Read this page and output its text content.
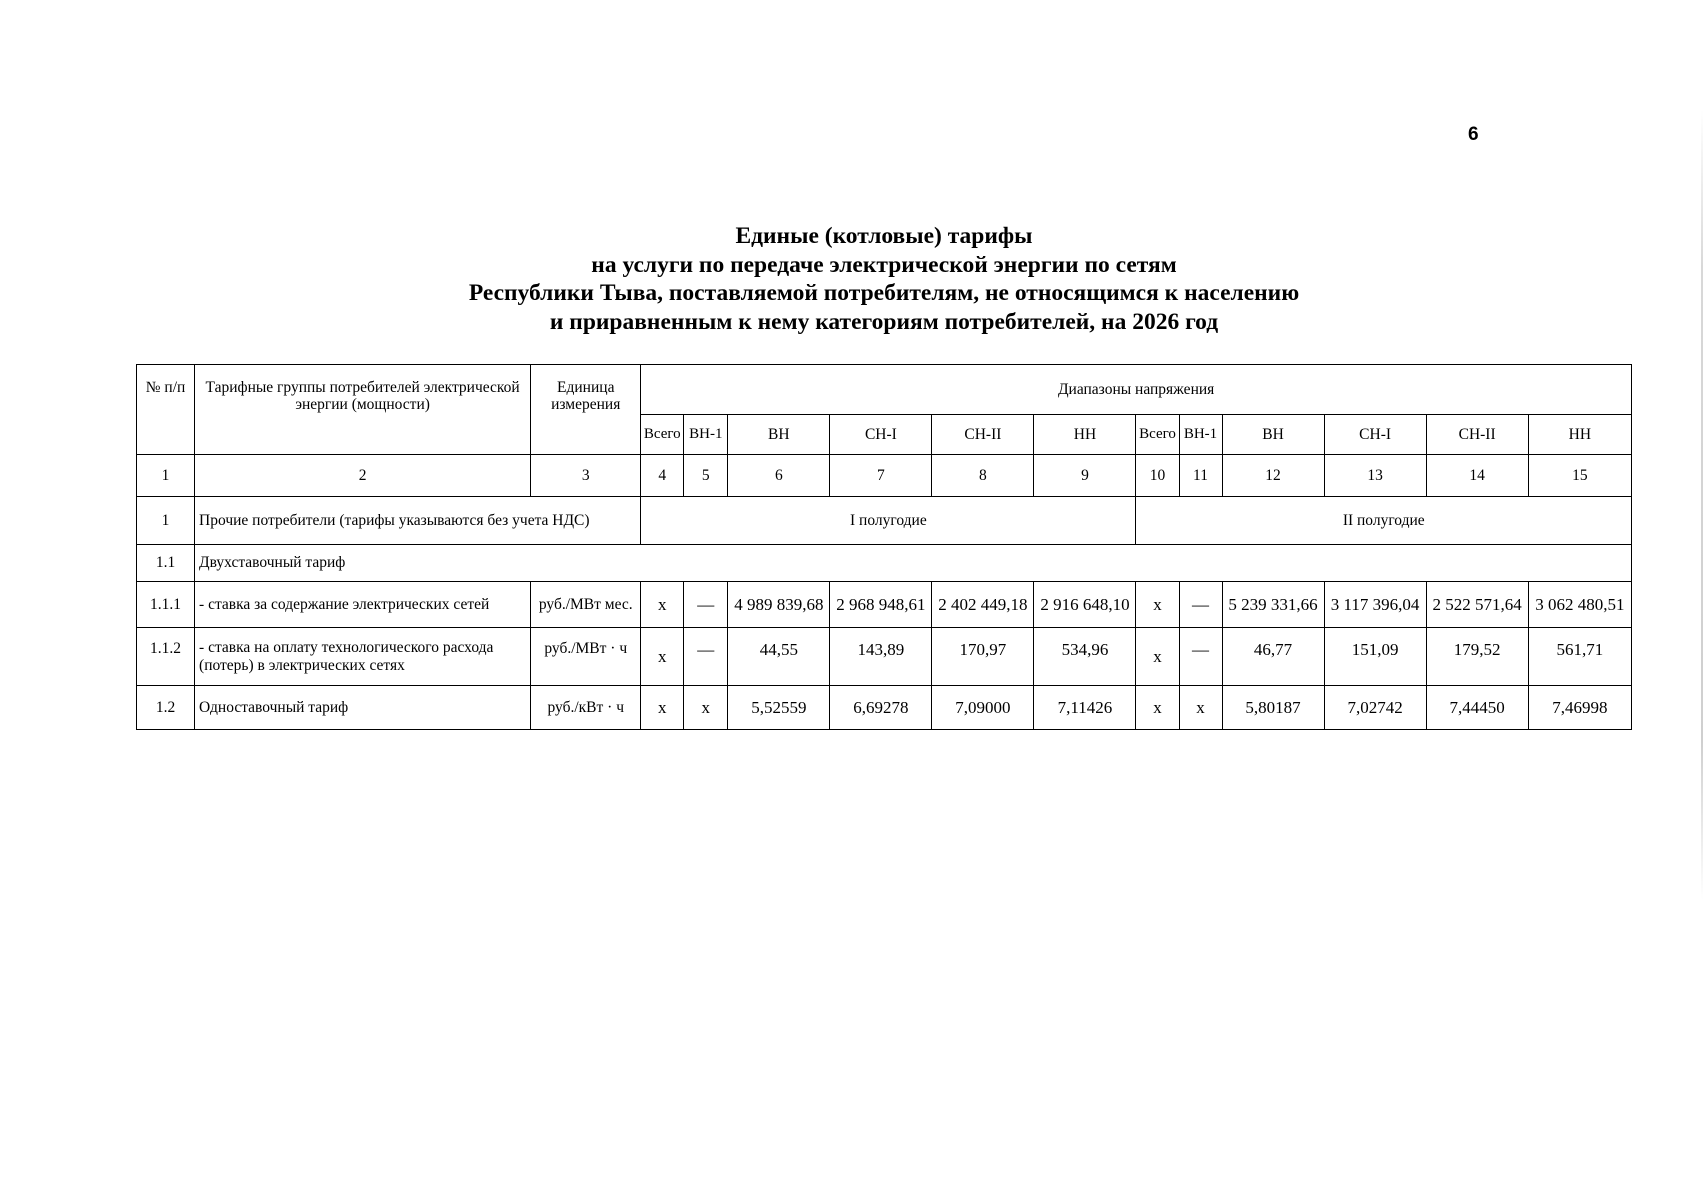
6
Единые (котловые) тарифы
на услуги по передаче электрической энергии по сетям
Республики Тыва, поставляемой потребителям, не относящимся к населению
и приравненным к нему категориям потребителей, на 2026 год
№ п/п	Тарифные группы потребителей электрической энергии (мощности)	Единица измерения	Диапазоны напряжения											
			Всего	ВН-1	ВН	СН-I	СН-II	НН	Всего	ВН-1	ВН	СН-I	СН-II	НН
1	2	3	4	5	6	7	8	9	10	11	12	13	14	15
1	Прочие потребители (тарифы указываются без учета НДС)		I полугодие						II полугодие					
1.1	Двухставочный тариф													
1.1.1	- ставка за содержание электрических сетей	руб./МВт мес.	х	—	4 989 839,68	2 968 948,61	2 402 449,18	2 916 648,10	х	—	5 239 331,66	3 117 396,04	2 522 571,64	3 062 480,51
1.1.2	- ставка на оплату технологического расхода (потерь) в электрических сетях	руб./МВт · ч	х	—	44,55	143,89	170,97	534,96	х	—	46,77	151,09	179,52	561,71
1.2	Одноставочный тариф	руб./кВт · ч	х	х	5,52559	6,69278	7,09000	7,11426	х	х	5,80187	7,02742	7,44450	7,46998
